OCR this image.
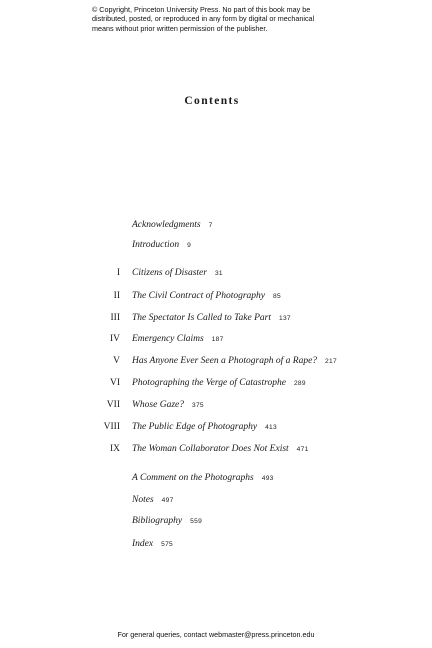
© Copyright, Princeton University Press. No part of this book may be
distributed, posted, or reproduced in any form by digital or mechanical
means without prior written permission of the publisher.
Contents
Acknowledgments 7
Introduction 9
I Citizens of Disaster 31
II The Civil Contract of Photography 85
III The Spectator Is Called to Take Part 137
IV Emergency Claims 187
V Has Anyone Ever Seen a Photograph of a Rape? 217
VI Photographing the Verge of Catastrophe 289
VII Whose Gaze? 375
VIII The Public Edge of Photography 413
IX The Woman Collaborator Does Not Exist 471
A Comment on the Photographs 493
Notes 497
Bibliography 559
Index 575
For general queries, contact webmaster@press.princeton.edu
